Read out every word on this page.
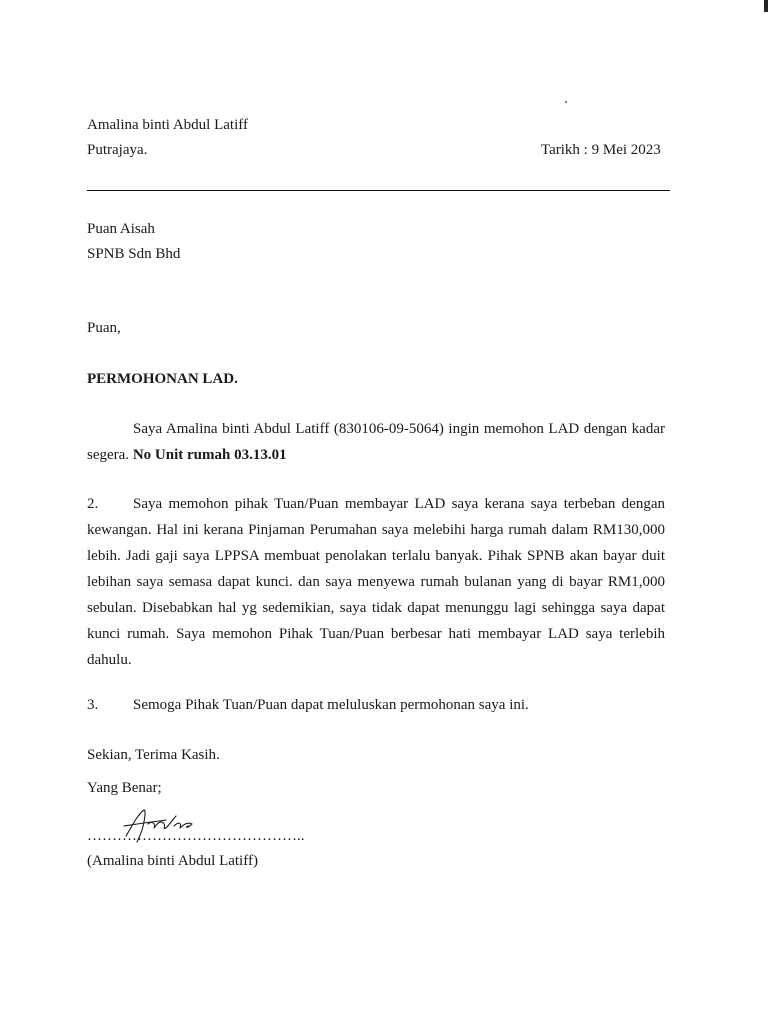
Amalina binti Abdul Latiff
Putrajaya.	Tarikh : 9 Mei 2023
Puan Aisah
SPNB Sdn Bhd
Puan,
PERMOHONAN LAD.
Saya Amalina binti Abdul Latiff (830106-09-5064) ingin memohon LAD dengan kadar segera. No Unit rumah 03.13.01
2. Saya memohon pihak Tuan/Puan membayar LAD saya kerana saya terbeban dengan kewangan. Hal ini kerana Pinjaman Perumahan saya melebihi harga rumah dalam RM130,000 lebih. Jadi gaji saya LPPSA membuat penolakan terlalu banyak. Pihak SPNB akan bayar duit lebihan saya semasa dapat kunci. dan saya menyewa rumah bulanan yang di bayar RM1,000 sebulan. Disebabkan hal yg sedemikian, saya tidak dapat menunggu lagi sehingga saya dapat kunci rumah. Saya memohon Pihak Tuan/Puan berbesar hati membayar LAD saya terlebih dahulu.
3. Semoga Pihak Tuan/Puan dapat meluluskan permohonan saya ini.
Sekian, Terima Kasih.
Yang Benar;
……………………………………..
(Amalina binti Abdul Latiff)
